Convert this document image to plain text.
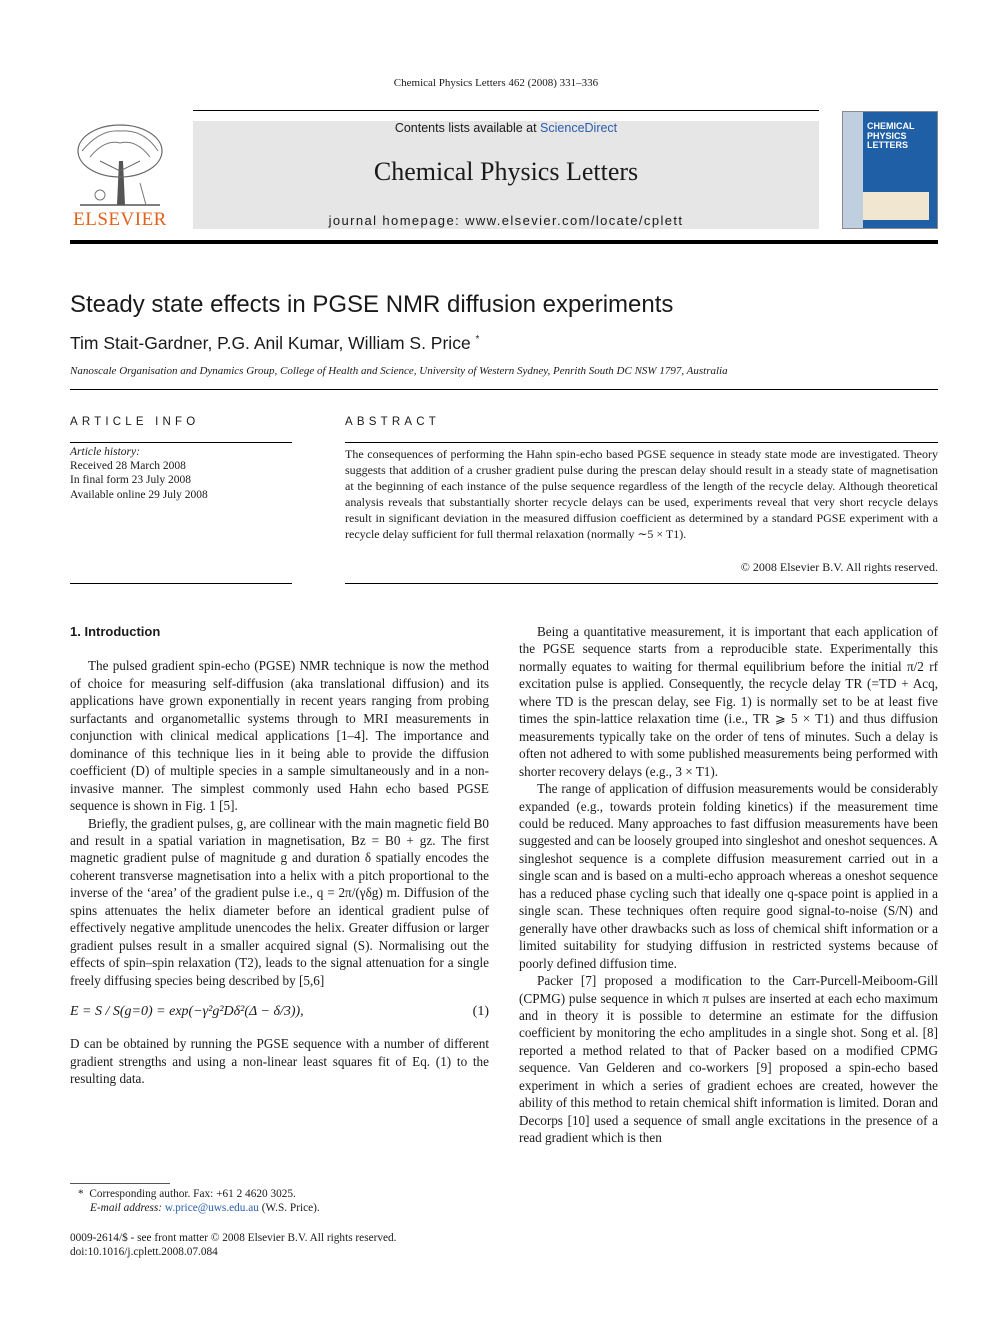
Chemical Physics Letters 462 (2008) 331–336
ELSEVIER
Contents lists available at ScienceDirect
Chemical Physics Letters
journal homepage: www.elsevier.com/locate/cplett
CHEMICAL PHYSICS LETTERS
Steady state effects in PGSE NMR diffusion experiments
Tim Stait-Gardner, P.G. Anil Kumar, William S. Price *
Nanoscale Organisation and Dynamics Group, College of Health and Science, University of Western Sydney, Penrith South DC NSW 1797, Australia
ARTICLE INFO
Article history:
Received 28 March 2008
In final form 23 July 2008
Available online 29 July 2008
ABSTRACT
The consequences of performing the Hahn spin-echo based PGSE sequence in steady state mode are investigated. Theory suggests that addition of a crusher gradient pulse during the prescan delay should result in a steady state of magnetisation at the beginning of each instance of the pulse sequence regardless of the length of the recycle delay. Although theoretical analysis reveals that substantially shorter recycle delays can be used, experiments reveal that very short recycle delays result in significant deviation in the measured diffusion coefficient as determined by a standard PGSE experiment with a recycle delay sufficient for full thermal relaxation (normally ∼5 × T1).
© 2008 Elsevier B.V. All rights reserved.
1. Introduction

The pulsed gradient spin-echo (PGSE) NMR technique is now the method of choice for measuring self-diffusion (aka translational diffusion) and its applications have grown exponentially in recent years ranging from probing surfactants and organometallic systems through to MRI measurements in conjunction with clinical medical applications [1–4]. The importance and dominance of this technique lies in it being able to provide the diffusion coefficient (D) of multiple species in a sample simultaneously and in a non-invasive manner. The simplest commonly used Hahn echo based PGSE sequence is shown in Fig. 1 [5].

Briefly, the gradient pulses, g, are collinear with the main magnetic field B0 and result in a spatial variation in magnetisation, Bz = B0 + gz. The first magnetic gradient pulse of magnitude g and duration δ spatially encodes the coherent transverse magnetisation into a helix with a pitch proportional to the inverse of the ‘area’ of the gradient pulse i.e., q = 2π/(γδg) m. Diffusion of the spins attenuates the helix diameter before an identical gradient pulse of effectively negative amplitude unencodes the helix. Greater diffusion or larger gradient pulses result in a smaller acquired signal (S). Normalising out the effects of spin–spin relaxation (T2), leads to the signal attenuation for a single freely diffusing species being described by [5,6]

E = S / S(g=0) = exp(−γ²g²Dδ²(Δ − δ/3)),	(1)

D can be obtained by running the PGSE sequence with a number of different gradient strengths and using a non-linear least squares fit of Eq. (1) to the resulting data.

* Corresponding author. Fax: +61 2 4620 3025.
E-mail address: w.price@uws.edu.au (W.S. Price).
0009-2614/$ - see front matter © 2008 Elsevier B.V. All rights reserved.
doi:10.1016/j.cplett.2008.07.084

Being a quantitative measurement, it is important that each application of the PGSE sequence starts from a reproducible state. Experimentally this normally equates to waiting for thermal equilibrium before the initial π/2 rf excitation pulse is applied. Consequently, the recycle delay TR (=TD + Acq, where TD is the prescan delay, see Fig. 1) is normally set to be at least five times the spin-lattice relaxation time (i.e., TR ⩾ 5 × T1) and thus diffusion measurements typically take on the order of tens of minutes. Such a delay is often not adhered to with some published measurements being performed with shorter recovery delays (e.g., 3 × T1).

The range of application of diffusion measurements would be considerably expanded (e.g., towards protein folding kinetics) if the measurement time could be reduced. Many approaches to fast diffusion measurements have been suggested and can be loosely grouped into singleshot and oneshot sequences. A singleshot sequence is a complete diffusion measurement carried out in a single scan and is based on a multi-echo approach whereas a oneshot sequence has a reduced phase cycling such that ideally one q-space point is applied in a single scan. These techniques often require good signal-to-noise (S/N) and generally have other drawbacks such as loss of chemical shift information or a limited suitability for studying diffusion in restricted systems because of poorly defined diffusion time.

Packer [7] proposed a modification to the Carr-Purcell-Meiboom-Gill (CPMG) pulse sequence in which π pulses are inserted at each echo maximum and in theory it is possible to determine an estimate for the diffusion coefficient by monitoring the echo amplitudes in a single shot. Song et al. [8] reported a method related to that of Packer based on a modified CPMG sequence. Van Gelderen and co-workers [9] proposed a spin-echo based experiment in which a series of gradient echoes are created, however the ability of this method to retain chemical shift information is limited. Doran and Decorps [10] used a sequence of small angle excitations in the presence of a read gradient which is then
